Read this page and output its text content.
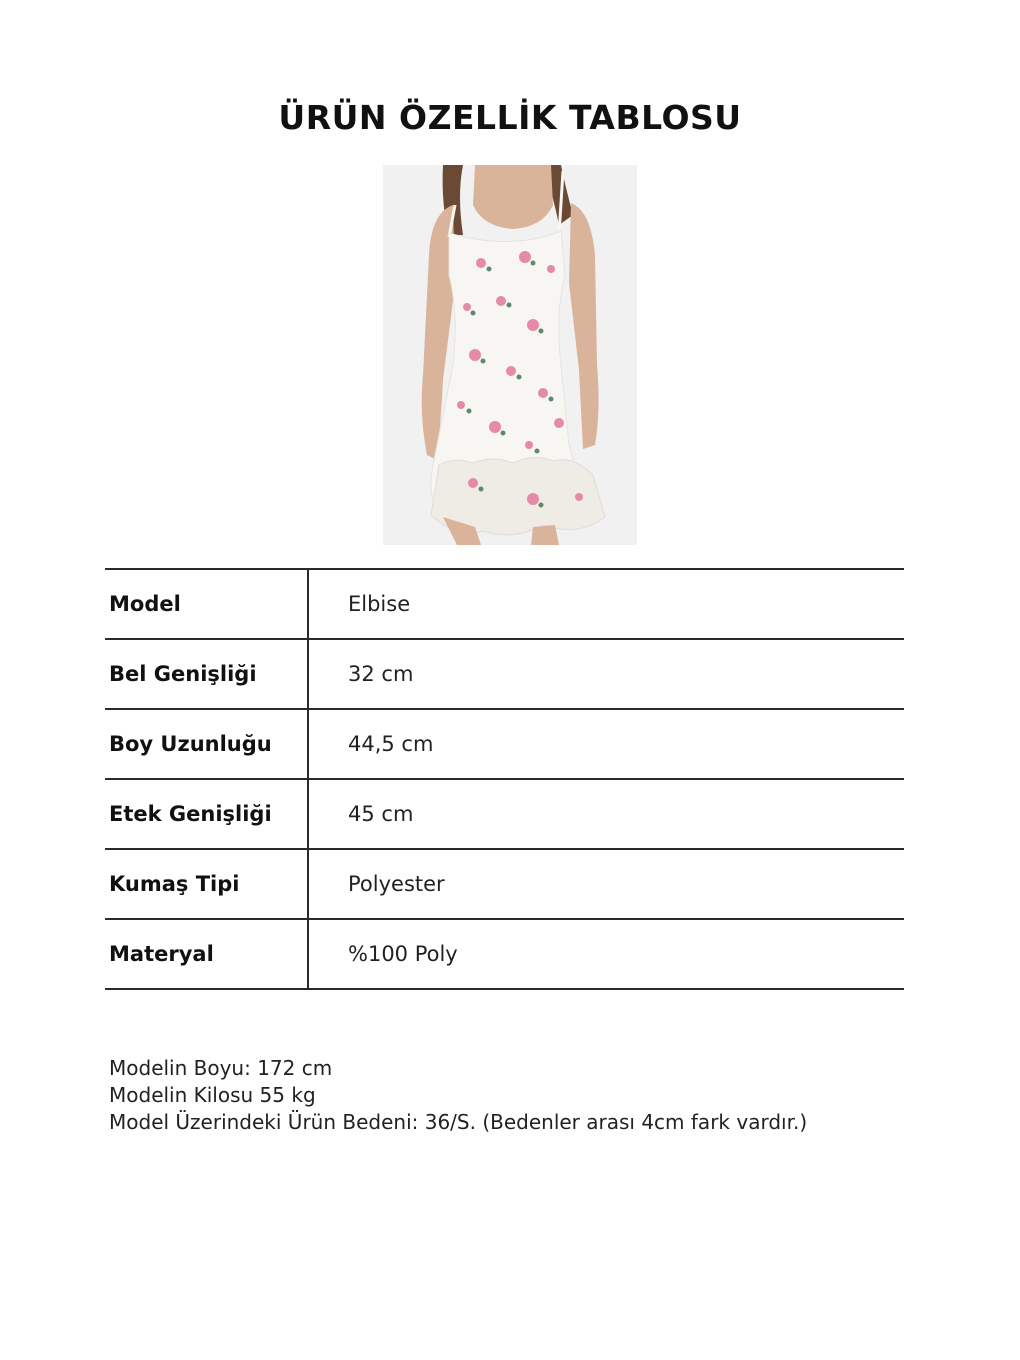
ÜRÜN ÖZELLİK TABLOSU
Model	Elbise
Bel Genişliği	32 cm
Boy Uzunluğu	44,5 cm
Etek Genişliği	45 cm
Kumaş Tipi	Polyester
Materyal	%100 Poly
Modelin Boyu: 172 cm
Modelin Kilosu 55 kg
Model Üzerindeki Ürün Bedeni: 36/S. (Bedenler arası 4cm fark vardır.)
